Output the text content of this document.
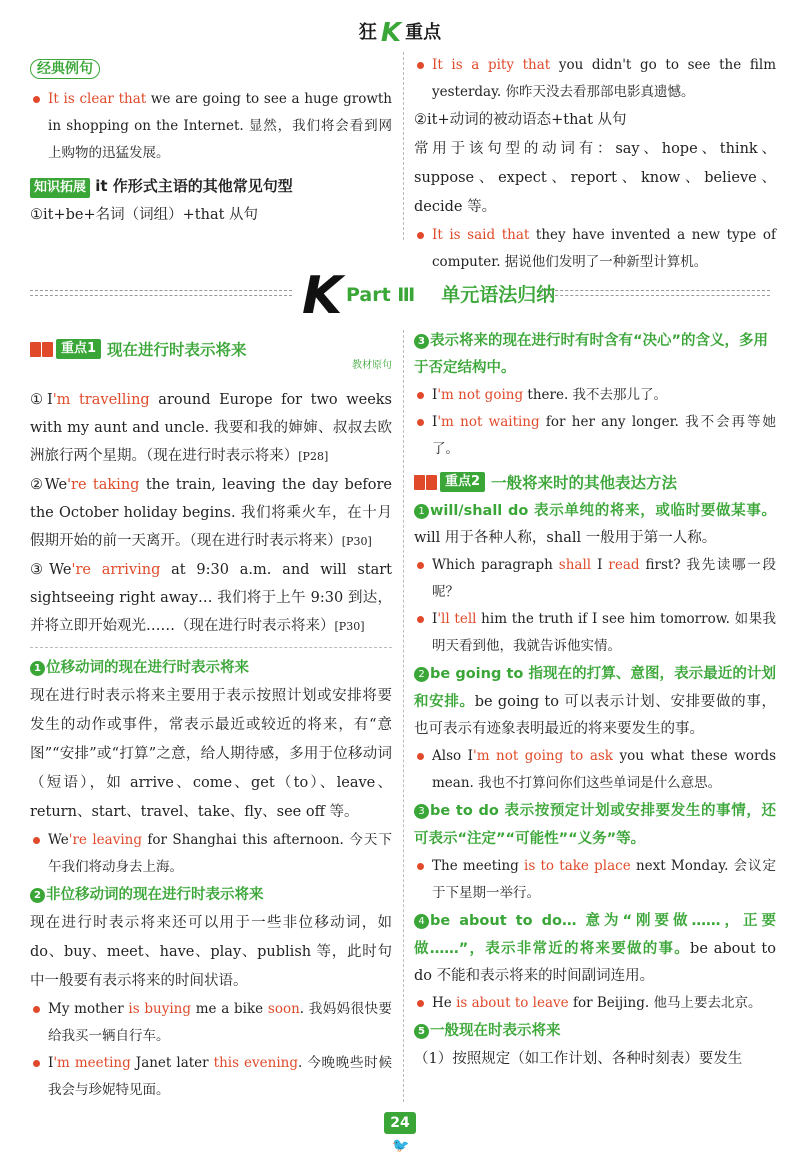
狂 K 重点
经典例句
It is clear that we are going to see a huge growth in shopping on the Internet. 显然，我们将会看到网上购物的迅猛发展。
知识拓展 it 作形式主语的其他常见句型
①it+be+名词（词组）+that 从句
It is a pity that you didn't go to see the film yesterday. 你昨天没去看那部电影真遗憾。
②it+动词的被动语态+that 从句
常用于该句型的动词有：say、hope、think、suppose、expect、report、know、believe、decide 等。
It is said that they have invented a new type of computer. 据说他们发明了一种新型计算机。
K Part Ⅲ 单元语法归纳
重点1 现在进行时表示将来
教材原句
①I'm travelling around Europe for two weeks with my aunt and uncle. 我要和我的婶婶、叔叔去欧洲旅行两个星期。（现在进行时表示将来）[P28]
②We're taking the train, leaving the day before the October holiday begins. 我们将乘火车，在十月假期开始的前一天离开。（现在进行时表示将来）[P30]
③We're arriving at 9:30 a.m. and will start sightseeing right away… 我们将于上午 9:30 到达，并将立即开始观光……（现在进行时表示将来）[P30]
1 位移动词的现在进行时表示将来
现在进行时表示将来主要用于表示按照计划或安排将要发生的动作或事件，常表示最近或较近的将来，有“意图”“安排”或“打算”之意，给人期待感，多用于位移动词（短语），如 arrive、come、get（to）、leave、return、start、travel、take、fly、see off 等。
We're leaving for Shanghai this afternoon. 今天下午我们将动身去上海。
2 非位移动词的现在进行时表示将来
现在进行时表示将来还可以用于一些非位移动词，如 do、buy、meet、have、play、publish 等，此时句中一般要有表示将来的时间状语。
My mother is buying me a bike soon. 我妈妈很快要给我买一辆自行车。
I'm meeting Janet later this evening. 今晚晚些时候我会与珍妮特见面。
3 表示将来的现在进行时有时含有“决心”的含义，多用于否定结构中。
I'm not going there. 我不去那儿了。
I'm not waiting for her any longer. 我不会再等她了。
重点2 一般将来时的其他表达方法
1 will/shall do 表示单纯的将来，或临时要做某事。will 用于各种人称，shall 一般用于第一人称。
Which paragraph shall I read first? 我先读哪一段呢？
I'll tell him the truth if I see him tomorrow. 如果我明天看到他，我就告诉他实情。
2 be going to 指现在的打算、意图，表示最近的计划和安排。be going to 可以表示计划、安排要做的事，也可表示有迹象表明最近的将来要发生的事。
Also I'm not going to ask you what these words mean. 我也不打算问你们这些单词是什么意思。
3 be to do 表示按预定计划或安排要发生的事情，还可表示“注定”“可能性”“义务”等。
The meeting is to take place next Monday. 会议定于下星期一举行。
4 be about to do… 意为“刚要做……，正要做……”，表示非常近的将来要做的事。be about to do 不能和表示将来的时间副词连用。
He is about to leave for Beijing. 他马上要去北京。
5 一般现在时表示将来
（1）按照规定（如工作计划、各种时刻表）要发生
24
🐦
